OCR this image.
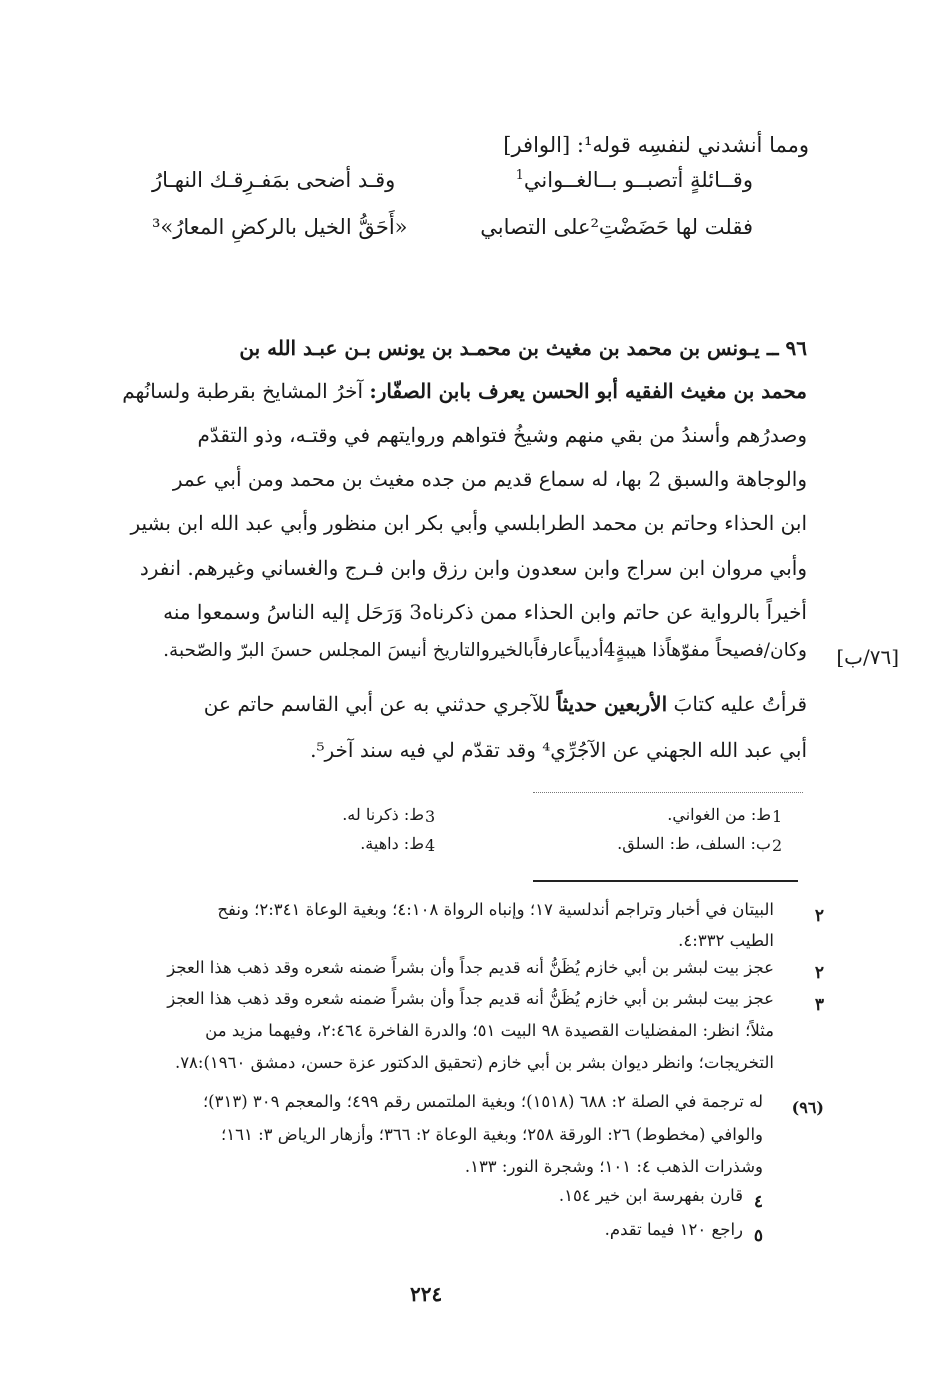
ومما أنشدني لنفسِه قوله¹: [الوافر]
وقــائلةٍ أتصبــو بــالغــواني$^1$
وقـد أضحى بمَفـرِقـك النهـارُ
فقلت لها حَضَضْتِ²على التصابي
«أَحَقُّ الخيل بالركضِ المعارُ»³
٩٦ ــ يـونس بن محمد بن مغيث بن محمـد بن يونس بـن عبـد الله بن
محمد بن مغيث الفقيه أبو الحسن يعرف بابن الصفّار: آخرُ المشايخ بقرطبة ولسانُهم
وصدرُهم وأسندُ من بقي منهم وشيخُ فتواهم وروايتهم في وقتـه، وذو التقدّم
والوجاهة والسبق 2 بها، له سماع قديم من جده مغيث بن محمد ومن أبي عمر
ابن الحذاء وحاتم بن محمد الطرابلسي وأبي بكر ابن منظور وأبي عبد الله ابن بشير
وأبي مروان ابن سراج وابن سعدون وابن رزق وابن فـرج والغساني وغيرهم. انفرد
أخيراً بالرواية عن حاتم وابن الحذاء ممن ذكرناه3 وَرَحَل إليه الناسُ وسمعوا منه
وكان/فصيحاً مفوّهاًذا هيبةٍ4أديباًعارفاًبالخيروالتاريخ أنيسَ المجلس حسنَ البرّ والصّحبة. [٧٦/ب]
قرأتُ عليه كتابَ الأربعين حديثاً للآجري حدثني به عن أبي القاسم حاتم عن
أبي عبد الله الجهني عن الآجُرِّي⁴ وقد تقدّم لي فيه سند آخر⁵.
1
ط: من الغواني.
2
ب: السلف، ط: السلق.
3
ط: ذكرنا له.
4
ط: داهية.
٢
البيتان في أخبار وتراجم أندلسية ١٧؛ وإنباه الرواة ٤:١٠٨؛ وبغية الوعاة ٢:٣٤١؛ ونفح
الطيب ٤:٣٣٢.
٢
عجز بيت لبشر بن أبي خازم يُظَنُّ أنه قديم جداً وأن بشراً ضمنه شعره وقد ذهب هذا العجز
٣
عجز بيت لبشر بن أبي خازم يُظَنُّ أنه قديم جداً وأن بشراً ضمنه شعره وقد ذهب هذا العجز
مثلاً؛ انظر: المفضليات القصيدة ٩٨ البيت ٥١؛ والدرة الفاخرة ٢:٤٦٤، وفيهما مزيد من
التخريجات؛ وانظر ديوان بشر بن أبي خازم (تحقيق الدكتور عزة حسن، دمشق ١٩٦٠):٧٨.
(٩٦)
له ترجمة في الصلة ٢: ٦٨٨ (١٥١٨)؛ وبغية الملتمس رقم ٤٩٩؛ والمعجم ٣٠٩ (٣١٣)؛
والوافي (مخطوط) ٢٦: الورقة ٢٥٨؛ وبغية الوعاة ٢: ٣٦٦؛ وأزهار الرياض ٣: ١٦١؛
وشذرات الذهب ٤: ١٠١؛ وشجرة النور: ١٣٣.
٤
قارن بفهرسة ابن خير ١٥٤.
٥
راجع ١٢٠ فيما تقدم.
٢٢٤
